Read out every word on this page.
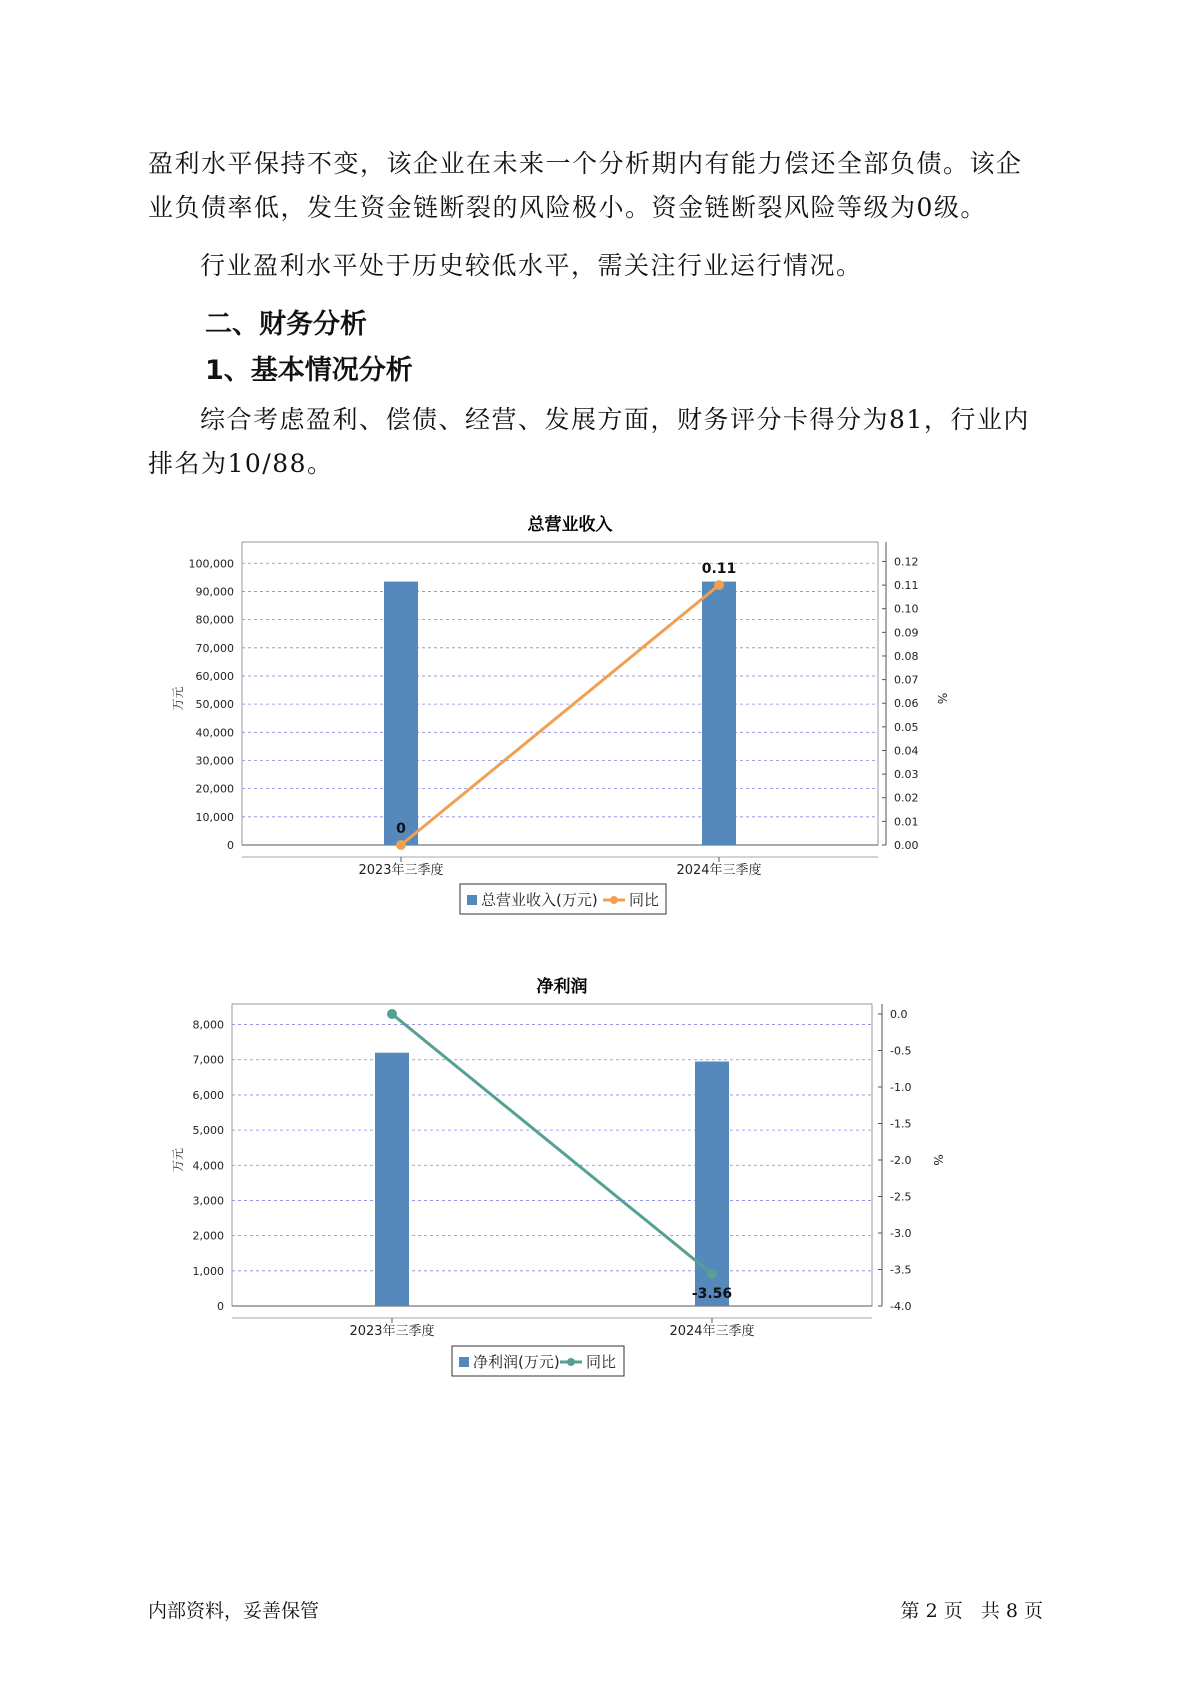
盈利水平保持不变，该企业在未来一个分析期内有能力偿还全部负债。该企业负债率低，发生资金链断裂的风险极小。资金链断裂风险等级为0级。

行业盈利水平处于历史较低水平，需关注行业运行情况。

二、财务分析
1、基本情况分析

综合考虑盈利、偿债、经营、发展方面，财务评分卡得分为81，行业内排名为10/88。

总营业收入
0
10,000
20,000
30,000
40,000
50,000
60,000
70,000
80,000
90,000
100,000
0.00
0.01
0.02
0.03
0.04
0.05
0.06
0.07
0.08
0.09
0.10
0.11
0.12
万元	%
2023年三季度	2024年三季度
0
0.11
总营业收入(万元) 同比
净利润
0
1,000
2,000
3,000
4,000
5,000
6,000
7,000
8,000
-4.0
-3.5
-3.0
-2.5
-2.0
-1.5
-1.0
-0.5
0.0
万元	%
2023年三季度	2024年三季度
-3.56
净利润(万元) 同比
内部资料，妥善保管	第 2 页   共 8 页
